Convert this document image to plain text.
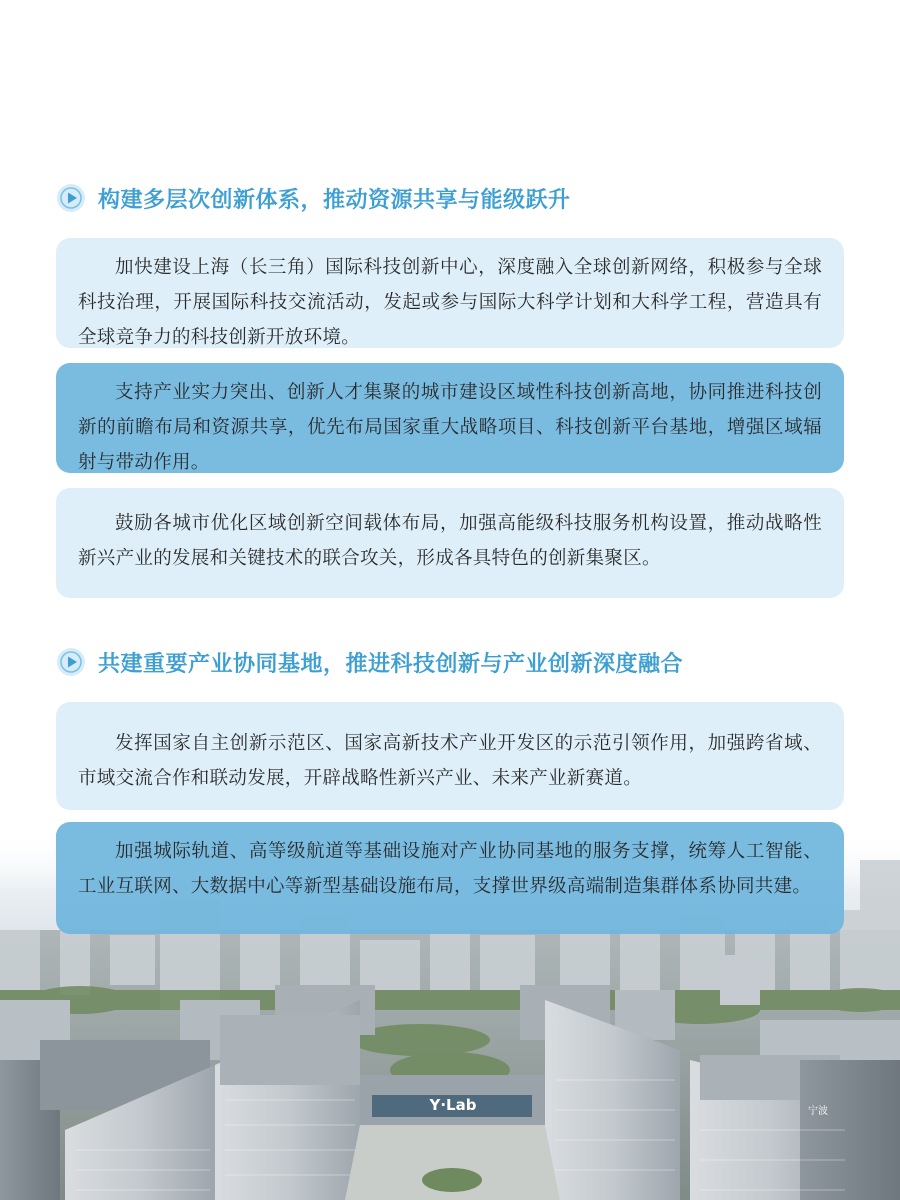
Y·Lab	宁波
构建多层次创新体系，推动资源共享与能级跃升
加快建设上海（长三角）国际科技创新中心，深度融入全球创新网络，积极参与全球科技治理，开展国际科技交流活动，发起或参与国际大科学计划和大科学工程，营造具有全球竞争力的科技创新开放环境。
支持产业实力突出、创新人才集聚的城市建设区域性科技创新高地，协同推进科技创新的前瞻布局和资源共享，优先布局国家重大战略项目、科技创新平台基地，增强区域辐射与带动作用。
鼓励各城市优化区域创新空间载体布局，加强高能级科技服务机构设置，推动战略性新兴产业的发展和关键技术的联合攻关，形成各具特色的创新集聚区。
共建重要产业协同基地，推进科技创新与产业创新深度融合
发挥国家自主创新示范区、国家高新技术产业开发区的示范引领作用，加强跨省域、市域交流合作和联动发展，开辟战略性新兴产业、未来产业新赛道。
加强城际轨道、高等级航道等基础设施对产业协同基地的服务支撑，统筹人工智能、工业互联网、大数据中心等新型基础设施布局，支撑世界级高端制造集群体系协同共建。
